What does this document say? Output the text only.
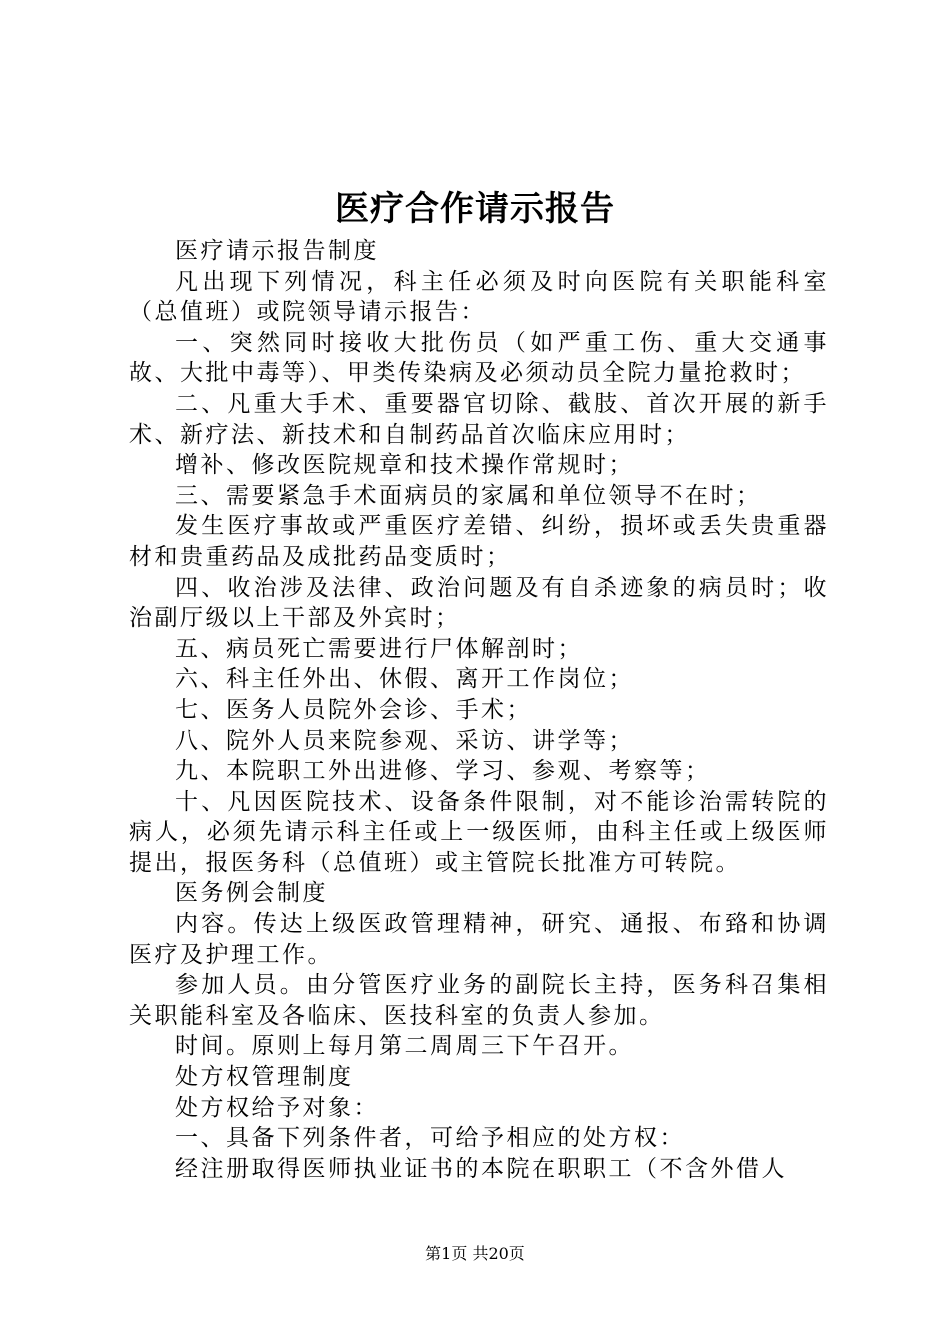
医疗合作请示报告

医疗请示报告制度

凡出现下列情况，科主任必须及时向医院有关职能科室（总值班）或院领导请示报告：

一、突然同时接收大批伤员（如严重工伤、重大交通事故、大批中毒等）、甲类传染病及必须动员全院力量抢救时；

二、凡重大手术、重要器官切除、截肢、首次开展的新手术、新疗法、新技术和自制药品首次临床应用时；

增补、修改医院规章和技术操作常规时；

三、需要紧急手术面病员的家属和单位领导不在时；

发生医疗事故或严重医疗差错、纠纷，损坏或丢失贵重器材和贵重药品及成批药品变质时；

四、收治涉及法律、政治问题及有自杀迹象的病员时；收治副厅级以上干部及外宾时；

五、病员死亡需要进行尸体解剖时；

六、科主任外出、休假、离开工作岗位；

七、医务人员院外会诊、手术；

八、院外人员来院参观、采访、讲学等；

九、本院职工外出进修、学习、参观、考察等；

十、凡因医院技术、设备条件限制，对不能诊治需转院的病人，必须先请示科主任或上一级医师，由科主任或上级医师提出，报医务科（总值班）或主管院长批准方可转院。

医务例会制度

内容。传达上级医政管理精神，研究、通报、布臵和协调医疗及护理工作。

参加人员。由分管医疗业务的副院长主持，医务科召集相关职能科室及各临床、医技科室的负责人参加。

时间。原则上每月第二周周三下午召开。

处方权管理制度

处方权给予对象：

一、具备下列条件者，可给予相应的处方权：

经注册取得医师执业证书的本院在职职工（不含外借人

第1页 共20页
